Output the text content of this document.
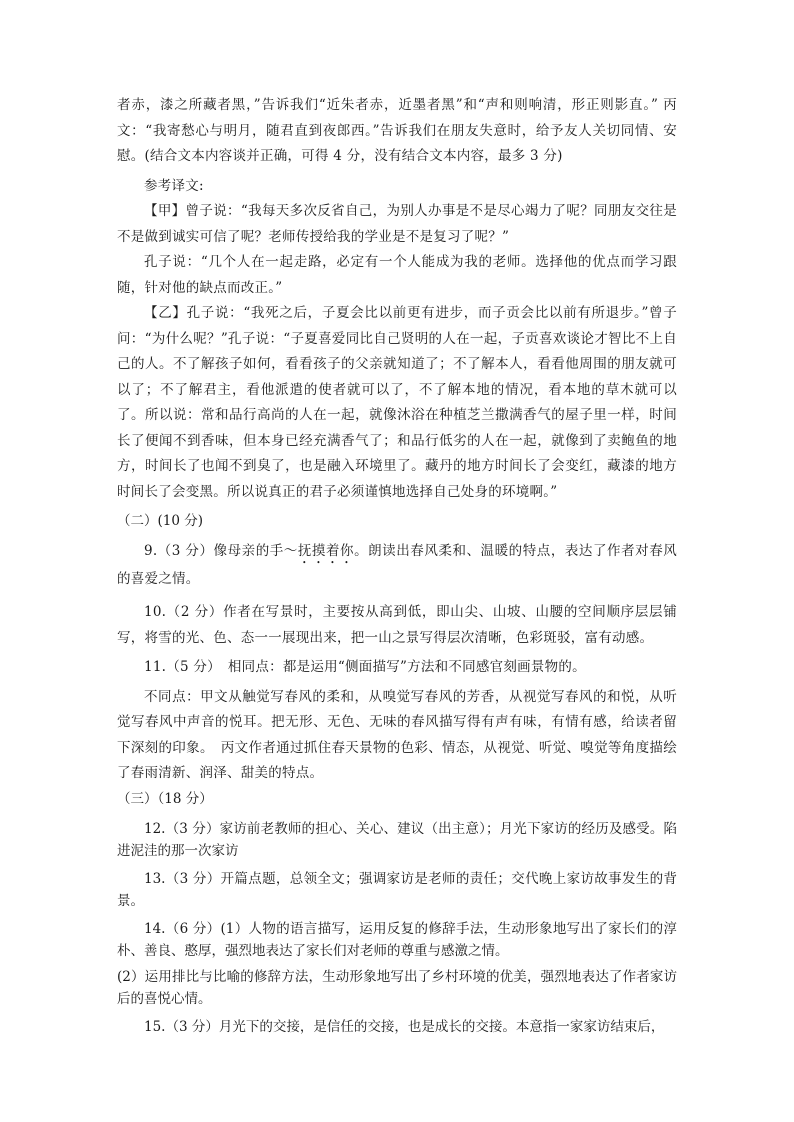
者赤，漆之所藏者黑，”告诉我们“近朱者赤，近墨者黑”和“声和则响清，形正则影直。” 丙文：“我寄愁心与明月，随君直到夜郎西。”告诉我们在朋友失意时，给予友人关切同情、安慰。(结合文本内容谈并正确，可得 4 分，没有结合文本内容，最多 3 分)

参考译文:

【甲】曾子说：“我每天多次反省自己，为别人办事是不是尽心竭力了呢？同朋友交往是不是做到诚实可信了呢？老师传授给我的学业是不是复习了呢？”

孔子说：“几个人在一起走路，必定有一个人能成为我的老师。选择他的优点而学习跟随，针对他的缺点而改正。”

【乙】孔子说：“我死之后，子夏会比以前更有进步，而子贡会比以前有所退步。”曾子问：“为什么呢？”孔子说：“子夏喜爱同比自己贤明的人在一起，子贡喜欢谈论才智比不上自己的人。不了解孩子如何，看看孩子的父亲就知道了；不了解本人，看看他周围的朋友就可以了；不了解君主，看他派遣的使者就可以了，不了解本地的情况，看本地的草木就可以了。所以说：常和品行高尚的人在一起，就像沐浴在种植芝兰撒满香气的屋子里一样，时间长了便闻不到香味，但本身已经充满香气了；和品行低劣的人在一起，就像到了卖鲍鱼的地方，时间长了也闻不到臭了，也是融入环境里了。藏丹的地方时间长了会变红，藏漆的地方时间长了会变黑。所以说真正的君子必须谨慎地选择自己处身的环境啊。”

（二）(10 分)

9.（3 分）像母亲的手〜抚摸着你。朗读出春风柔和、温暖的特点，表达了作者对春风的喜爱之情。

10.（2 分）作者在写景时，主要按从高到低，即山尖、山坡、山腰的空间顺序层层铺写，将雪的光、色、态一一展现出来，把一山之景写得层次清晰，色彩斑驳，富有动感。

11.（5 分）　相同点：都是运用“侧面描写”方法和不同感官刻画景物的。

不同点：甲文从触觉写春风的柔和，从嗅觉写春风的芳香，从视觉写春风的和悦，从听觉写春风中声音的悦耳。把无形、无色、无味的春风描写得有声有味，有情有感，给读者留下深刻的印象。　丙文作者通过抓住春天景物的色彩、情态，从视觉、听觉、嗅觉等角度描绘了春雨清新、润泽、甜美的特点。

（三）（18 分）

12.（3 分）家访前老教师的担心、关心、建议（出主意）；月光下家访的经历及感受。陷进泥洼的那一次家访

13.（3 分）开篇点题，总领全文；强调家访是老师的责任；交代晚上家访故事发生的背景。

14.（6 分）(1）人物的语言描写，运用反复的修辞手法，生动形象地写出了家长们的淳朴、善良、憨厚，强烈地表达了家长们对老师的尊重与感激之情。

(2）运用排比与比喻的修辞方法，生动形象地写出了乡村环境的优美，强烈地表达了作者家访后的喜悦心情。

15.（3 分）月光下的交接，是信任的交接，也是成长的交接。本意指一家家访结束后，
